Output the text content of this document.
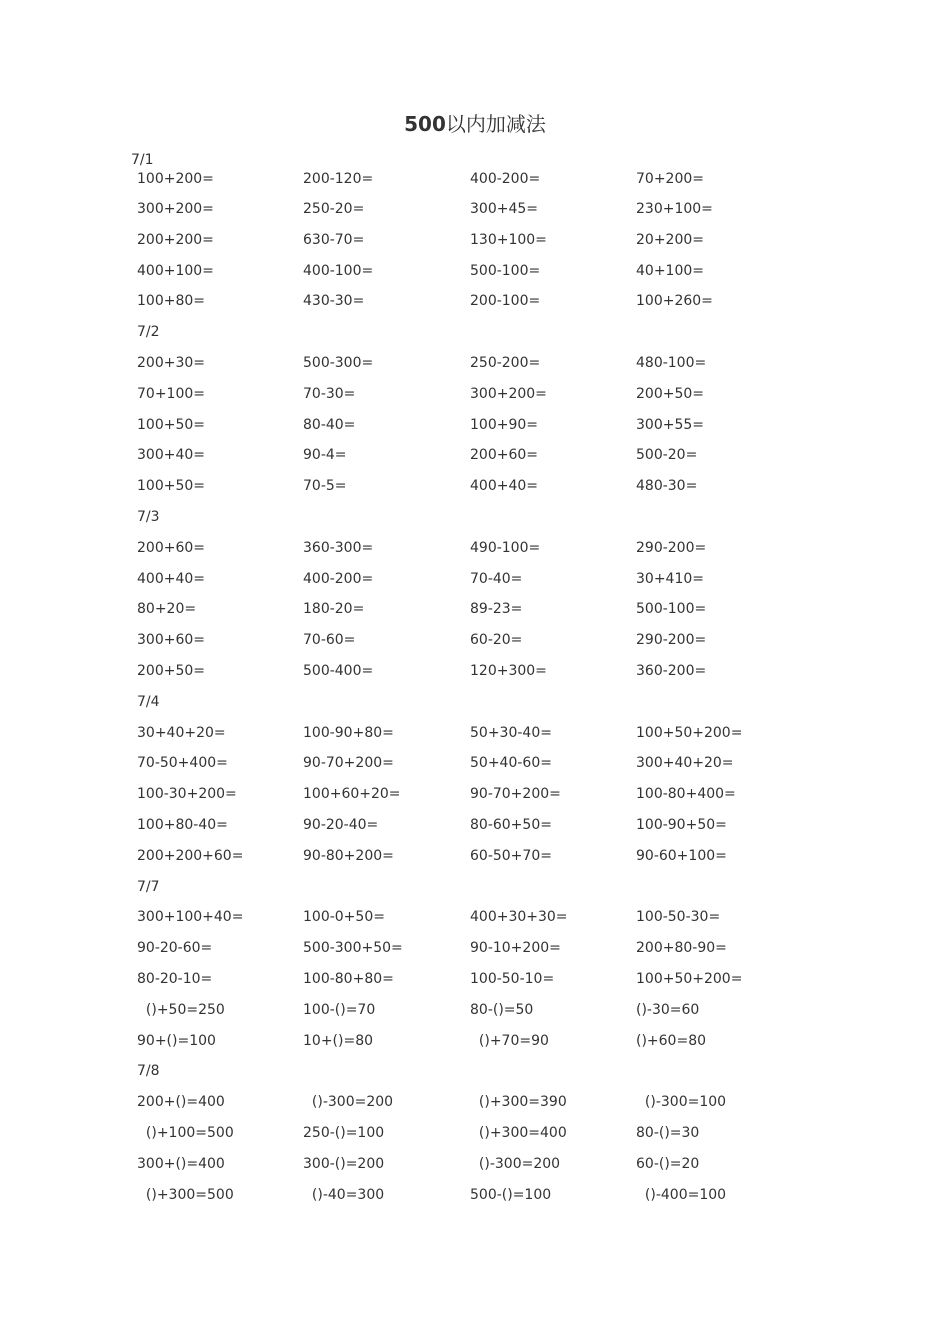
500以内加减法
7/1
100+200=	200-120=	400-200=	70+200=
300+200=	250-20=	300+45=	230+100=
200+200=	630-70=	130+100=	20+200=
400+100=	400-100=	500-100=	40+100=
100+80=	430-30=	200-100=	100+260=
7/2
200+30=	500-300=	250-200=	480-100=
70+100=	70-30=	300+200=	200+50=
100+50=	80-40=	100+90=	300+55=
300+40=	90-4=	200+60=	500-20=
100+50=	70-5=	400+40=	480-30=
7/3
200+60=	360-300=	490-100=	290-200=
400+40=	400-200=	70-40=	30+410=
80+20=	180-20=	89-23=	500-100=
300+60=	70-60=	60-20=	290-200=
200+50=	500-400=	120+300=	360-200=
7/4
30+40+20=	100-90+80=	50+30-40=	100+50+200=
70-50+400=	90-70+200=	50+40-60=	300+40+20=
100-30+200=	100+60+20=	90-70+200=	100-80+400=
100+80-40=	90-20-40=	80-60+50=	100-90+50=
200+200+60=	90-80+200=	60-50+70=	90-60+100=
7/7
300+100+40=	100-0+50=	400+30+30=	100-50-30=
90-20-60=	500-300+50=	90-10+200=	200+80-90=
80-20-10=	100-80+80=	100-50-10=	100+50+200=
()+50=250	100-()=70	80-()=50	()-30=60
90+()=100	10+()=80	()+70=90	()+60=80
7/8
200+()=400	()-300=200	()+300=390	()-300=100
()+100=500	250-()=100	()+300=400	80-()=30
300+()=400	300-()=200	()-300=200	60-()=20
()+300=500	()-40=300	500-()=100	()-400=100
